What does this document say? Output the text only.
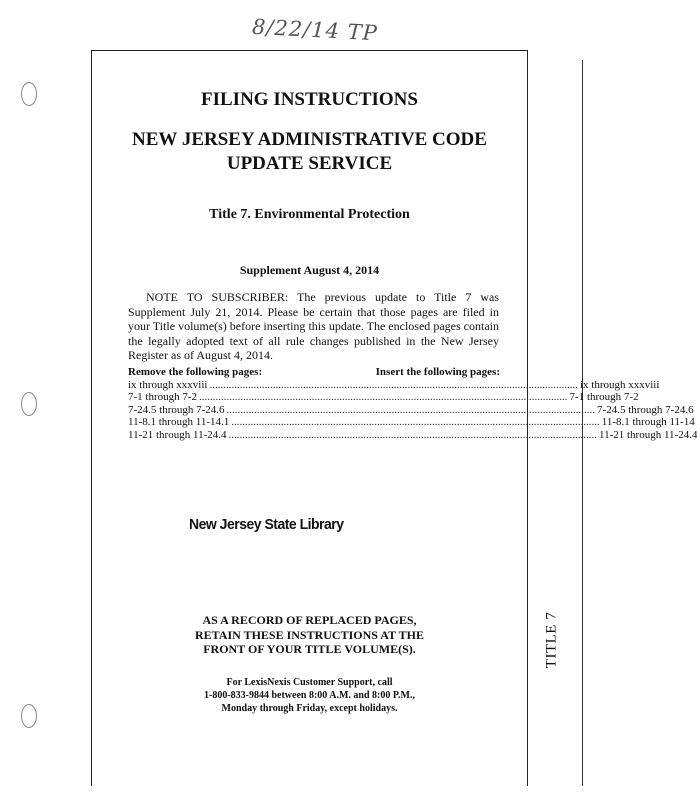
8/22/14 TP
FILING INSTRUCTIONS
NEW JERSEY ADMINISTRATIVE CODE
UPDATE SERVICE
Title 7. Environmental Protection
Supplement August 4, 2014
NOTE TO SUBSCRIBER: The previous update to Title 7 was Supplement July 21, 2014. Please be certain that those pages are filed in your Title volume(s) before inserting this update. The enclosed pages contain the legally adopted text of all rule changes published in the New Jersey Register as of August 4, 2014.
Remove the following pages:	Insert the following pages:
ix through xxxviii ...................................................................................................................................... ix through xxxviii
7-1 through 7-2 ...................................................................................................................................... 7-1 through 7-2
7-24.5 through 7-24.6 ...................................................................................................................................... 7-24.5 through 7-24.6
11-8.1 through 11-14.1 ...................................................................................................................................... 11-8.1 through 11-14
11-21 through 11-24.4 ...................................................................................................................................... 11-21 through 11-24.4
New Jersey State Library
AS A RECORD OF REPLACED PAGES,
RETAIN THESE INSTRUCTIONS AT THE
FRONT OF YOUR TITLE VOLUME(S).
For LexisNexis Customer Support, call
1-800-833-9844 between 8:00 A.M. and 8:00 P.M.,
Monday through Friday, except holidays.
TITLE 7
